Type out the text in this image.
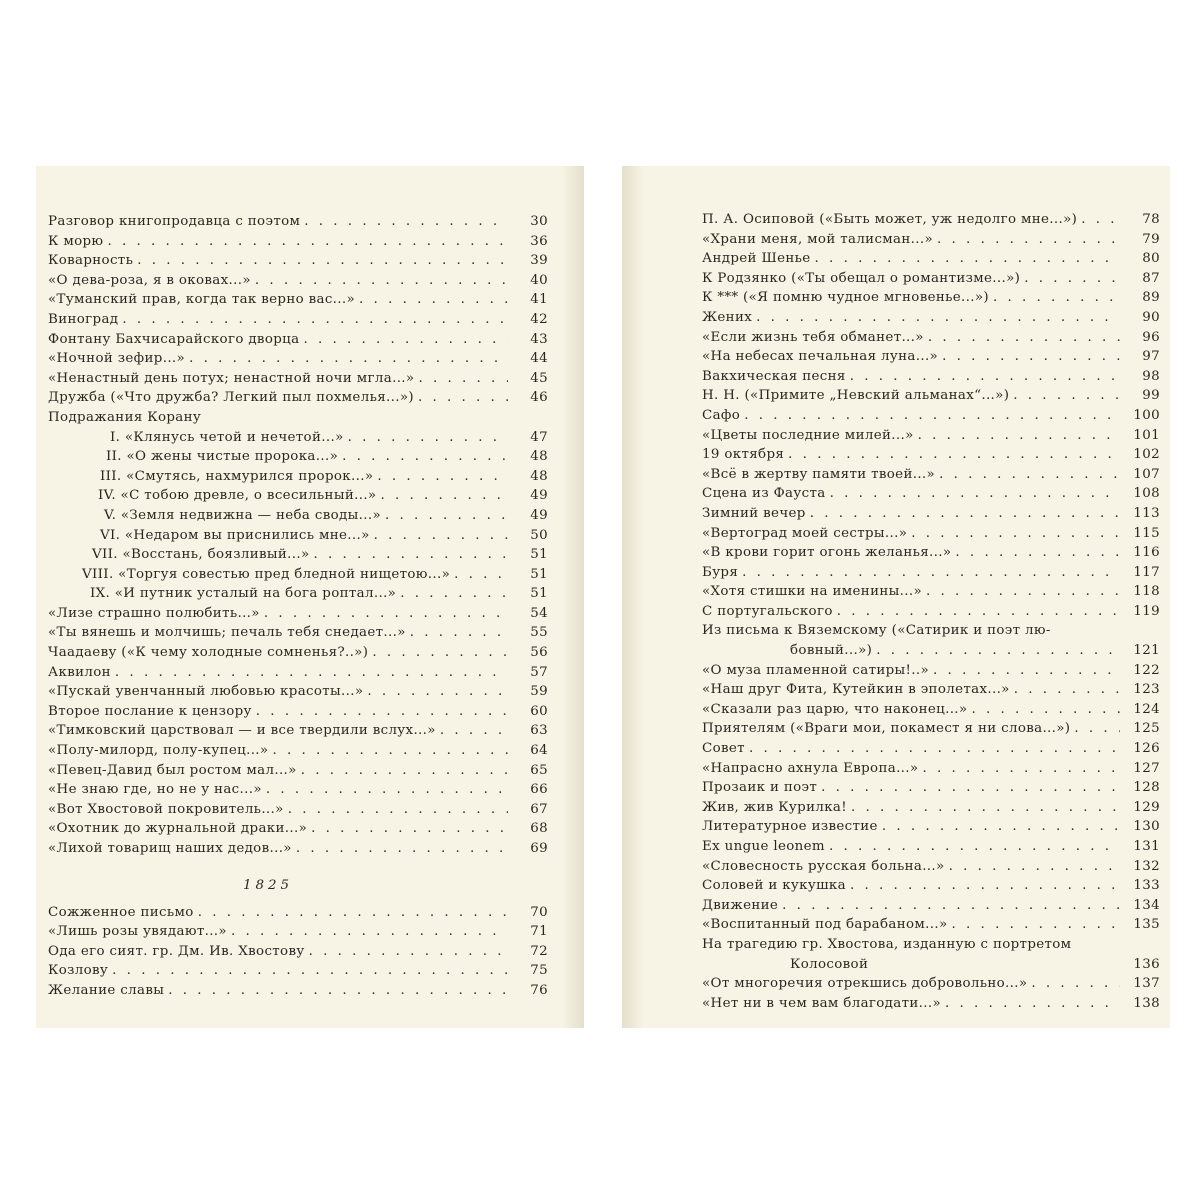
Разговор книгопродавца с поэтом . . .	30
К морю . . .	36
Коварность . . .	39
«О дева-роза, я в оковах...» . . .	40
«Туманский прав, когда так верно вас...» . . .	41
Виноград . . .	42
Фонтану Бахчисарайского дворца . . .	43
«Ночной зефир...» . . .	44
«Ненастный день потух; ненастной ночи мгла...» . . .	45
Дружба («Что дружба? Легкий пыл похмелья...») . . .	46
Подражания Корану
I. «Клянусь четой и нечетой...» . . .	47
II. «О жены чистые пророка...» . . .	48
III. «Смутясь, нахмурился пророк...» . . .	48
IV. «С тобою древле, о всесильный...» . . .	49
V. «Земля недвижна — неба своды...» . . .	49
VI. «Недаром вы приснились мне...» . . .	50
VII. «Восстань, боязливый...» . . .	51
VIII. «Торгуя совестью пред бледной нищетою...» . . .	51
IX. «И путник усталый на бога роптал...» . . .	51
«Лизе страшно полюбить...» . . .	54
«Ты вянешь и молчишь; печаль тебя снедает...» . . .	55
Чаадаеву («К чему холодные сомненья?..») . . .	56
Аквилон . . .	57
«Пускай увенчанный любовью красоты...» . . .	59
Второе послание к цензору . . .	60
«Тимковский царствовал — и все твердили вслух...» . . .	63
«Полу-милорд, полу-купец...» . . .	64
«Певец-Давид был ростом мал...» . . .	65
«Не знаю где, но не у нас...» . . .	66
«Вот Хвостовой покровитель...» . . .	67
«Охотник до журнальной драки...» . . .	68
«Лихой товарищ наших дедов...» . . .	69
1825
Сожженное письмо . . .	70
«Лишь розы увядают...» . . .	71
Ода его сият. гр. Дм. Ив. Хвостову . . .	72
Козлову . . .	75
Желание славы . . .	76
П. А. Осиповой («Быть может, уж недолго мне...») . . .	78
«Храни меня, мой талисман...» . . .	79
Андрей Шенье . . .	80
К Родзянко («Ты обещал о романтизме...») . . .	87
К *** («Я помню чудное мгновенье...») . . .	89
Жених . . .	90
«Если жизнь тебя обманет...» . . .	96
«На небесах печальная луна...» . . .	97
Вакхическая песня . . .	98
Н. Н. («Примите „Невский альманах“...») . . .	99
Сафо . . .	100
«Цветы последние милей...» . . .	101
19 октября . . .	102
«Всё в жертву памяти твоей...» . . .	107
Сцена из Фауста . . .	108
Зимний вечер . . .	113
«Вертоград моей сестры...» . . .	115
«В крови горит огонь желанья...» . . .	116
Буря . . .	117
«Хотя стишки на именины...» . . .	118
С португальского . . .	119
Из письма к Вяземскому («Сатирик и поэт лю-
бовный...») . . .	121
«О муза пламенной сатиры!..» . . .	122
«Наш друг Фита, Кутейкин в эполетах...» . . .	123
«Сказали раз царю, что наконец...» . . .	124
Приятелям («Враги мои, покамест я ни слова...») . . .	125
Совет . . .	126
«Напрасно ахнула Европа...» . . .	127
Прозаик и поэт . . .	128
Жив, жив Курилка! . . .	129
Литературное известие . . .	130
Ex ungue leonem . . .	131
«Словесность русская больна...» . . .	132
Соловей и кукушка . . .	133
Движение . . .	134
«Воспитанный под барабаном...» . . .	135
На трагедию гр. Хвостова, изданную с портретом
Колосовой	136
«От многоречия отрекшись добровольно...» . . .	137
«Нет ни в чем вам благодати...» . . .	138
